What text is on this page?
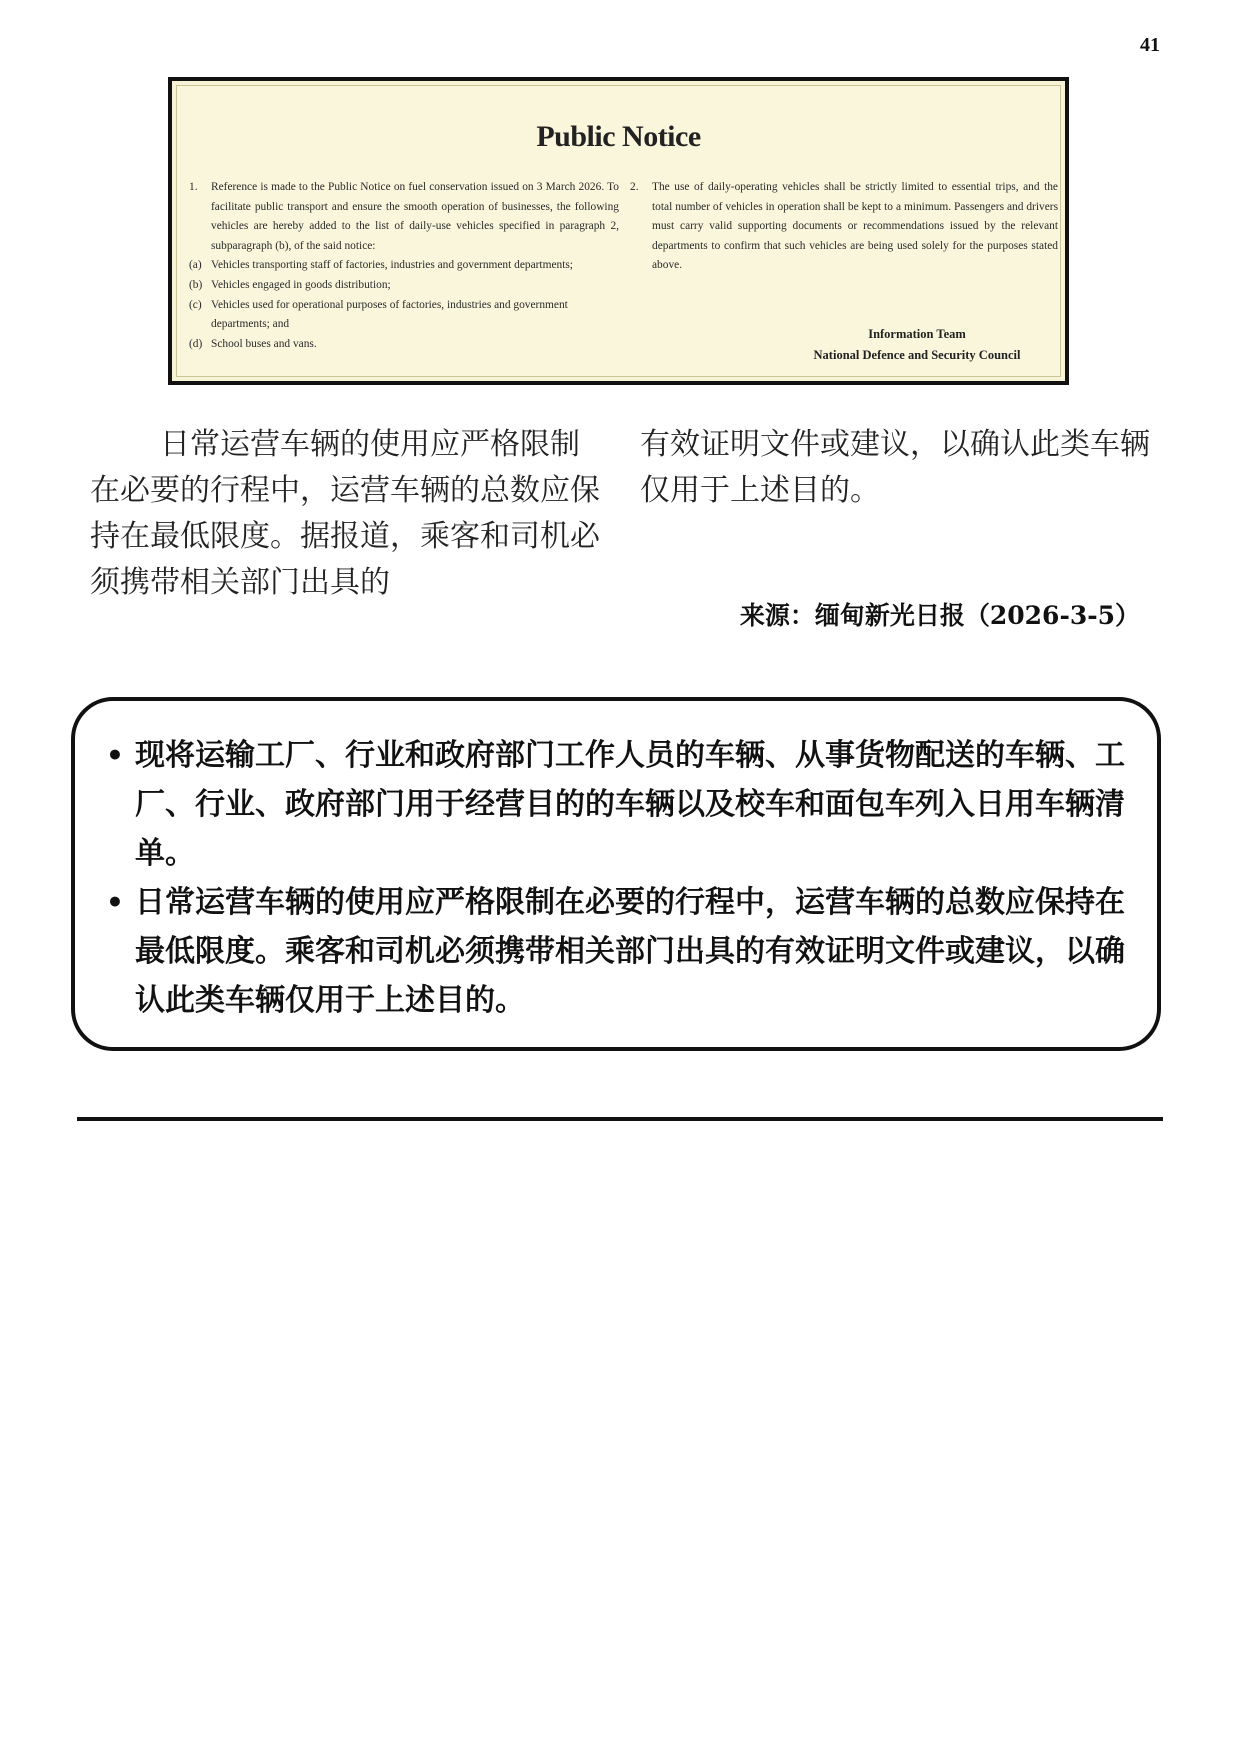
41
Public Notice
1.	Reference is made to the Public Notice on fuel conservation issued on 3 March 2026. To facilitate public transport and ensure the smooth operation of businesses, the following vehicles are hereby added to the list of daily-use vehicles specified in paragraph 2, subparagraph (b), of the said notice:
(a) Vehicles transporting staff of factories, industries and government departments;
(b) Vehicles engaged in goods distribution;
(c) Vehicles used for operational purposes of factories, industries and government departments; and
(d) School buses and vans.
2.	The use of daily-operating vehicles shall be strictly limited to essential trips, and the total number of vehicles in operation shall be kept to a minimum. Passengers and drivers must carry valid supporting documents or recommendations issued by the relevant departments to confirm that such vehicles are being used solely for the purposes stated above.
Information Team
National Defence and Security Council
日常运营车辆的使用应严格限制在必要的行程中，运营车辆的总数应保持在最低限度。据报道，乘客和司机必须携带相关部门出具的
有效证明文件或建议，以确认此类车辆仅用于上述目的。
来源：缅甸新光日报（2026-3-5）
• 现将运输工厂、行业和政府部门工作人员的车辆、从事货物配送的车辆、工厂、行业、政府部门用于经营目的的车辆以及校车和面包车列入日用车辆清单。
• 日常运营车辆的使用应严格限制在必要的行程中，运营车辆的总数应保持在最低限度。乘客和司机必须携带相关部门出具的有效证明文件或建议，以确认此类车辆仅用于上述目的。
